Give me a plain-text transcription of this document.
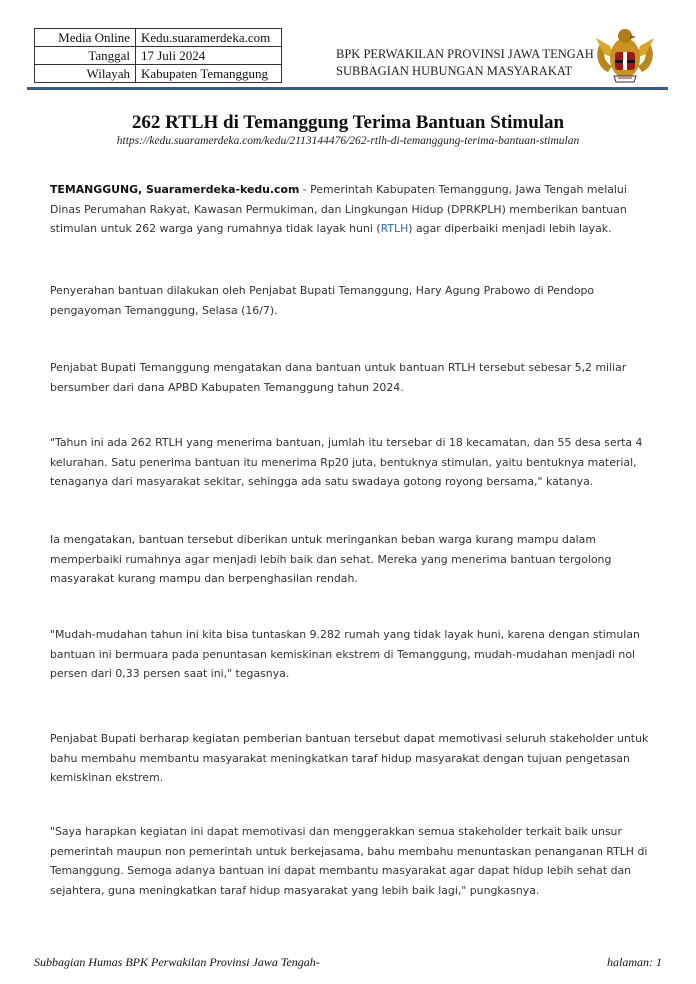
Media Online	Kedu.suaramerdeka.com
Tanggal	17 Juli 2024
Wilayah	Kabupaten Temanggung
BPK PERWAKILAN PROVINSI JAWA TENGAH
SUBBAGIAN HUBUNGAN MASYARAKAT
262 RTLH di Temanggung Terima Bantuan Stimulan
https://kedu.suaramerdeka.com/kedu/2113144476/262-rtlh-di-temanggung-terima-bantuan-stimulan

TEMANGGUNG, Suaramerdeka-kedu.com - Pemerintah Kabupaten Temanggung, Jawa Tengah melalui Dinas Perumahan Rakyat, Kawasan Permukiman, dan Lingkungan Hidup (DPRKPLH) memberikan bantuan stimulan untuk 262 warga yang rumahnya tidak layak huni (RTLH) agar diperbaiki menjadi lebih layak.

Penyerahan bantuan dilakukan oleh Penjabat Bupati Temanggung, Hary Agung Prabowo di Pendopo pengayoman Temanggung, Selasa (16/7).

Penjabat Bupati Temanggung mengatakan dana bantuan untuk bantuan RTLH tersebut sebesar 5,2 miliar bersumber dari dana APBD Kabupaten Temanggung tahun 2024.

"Tahun ini ada 262 RTLH yang menerima bantuan, jumlah itu tersebar di 18 kecamatan, dan 55 desa serta 4 kelurahan. Satu penerima bantuan itu menerima Rp20 juta, bentuknya stimulan, yaitu bentuknya material, tenaganya dari masyarakat sekitar, sehingga ada satu swadaya gotong royong bersama," katanya.

Ia mengatakan, bantuan tersebut diberikan untuk meringankan beban warga kurang mampu dalam memperbaiki rumahnya agar menjadi lebih baik dan sehat. Mereka yang menerima bantuan tergolong masyarakat kurang mampu dan berpenghasilan rendah.

"Mudah-mudahan tahun ini kita bisa tuntaskan 9.282 rumah yang tidak layak huni, karena dengan stimulan bantuan ini bermuara pada penuntasan kemiskinan ekstrem di Temanggung, mudah-mudahan menjadi nol persen dari 0,33 persen saat ini," tegasnya.

Penjabat Bupati berharap kegiatan pemberian bantuan tersebut dapat memotivasi seluruh stakeholder untuk bahu membahu membantu masyarakat meningkatkan taraf hidup masyarakat dengan tujuan pengetasan kemiskinan ekstrem.

"Saya harapkan kegiatan ini dapat memotivasi dan menggerakkan semua stakeholder terkait baik unsur pemerintah maupun non pemerintah untuk berkejasama, bahu membahu menuntaskan penanganan RTLH di Temanggung. Semoga adanya bantuan ini dapat membantu masyarakat agar dapat hidup lebih sehat dan sejahtera, guna meningkatkan taraf hidup masyarakat yang lebih baik lagi," pungkasnya.

Subbagian Humas BPK Perwakilan Provinsi Jawa Tengah-	halaman: 1
